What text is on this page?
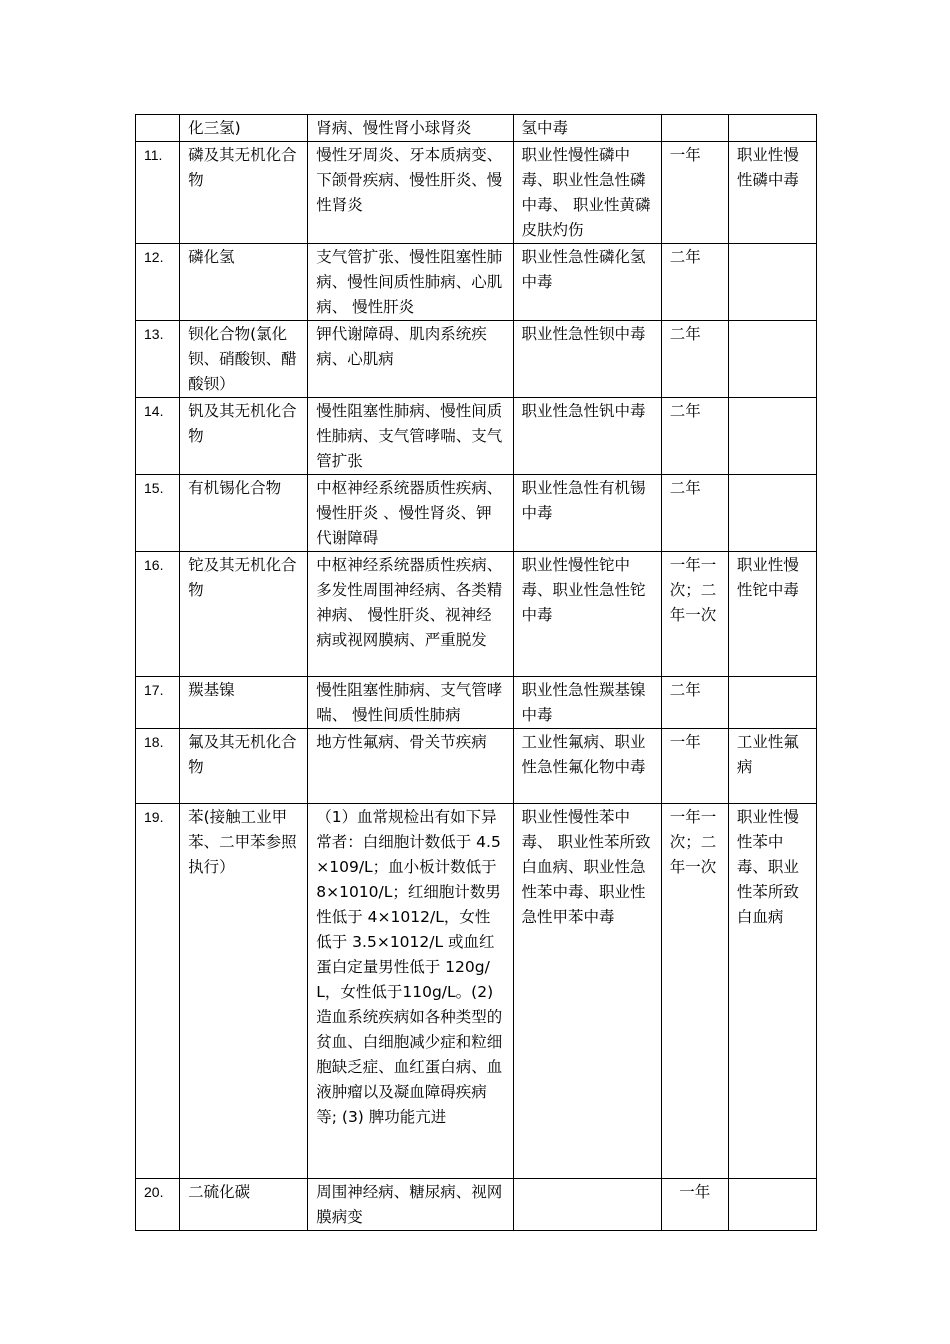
	化三氢)	肾病、慢性肾小球肾炎	氢中毒		
11.	磷及其无机化合物	慢性牙周炎、牙本质病变、下颌骨疾病、慢性肝炎、慢性肾炎	职业性慢性磷中毒、职业性急性磷中毒、 职业性黄磷皮肤灼伤	一年	职业性慢性磷中毒
12.	磷化氢	支气管扩张、慢性阻塞性肺病、慢性间质性肺病、心肌病、 慢性肝炎	职业性急性磷化氢中毒	二年	
13.	钡化合物(氯化钡、硝酸钡、醋酸钡）	钾代谢障碍、肌肉系统疾病、心肌病	职业性急性钡中毒	二年	
14.	钒及其无机化合物	慢性阻塞性肺病、慢性间质性肺病、支气管哮喘、支气管扩张	职业性急性钒中毒	二年	
15.	有机锡化合物	中枢神经系统器质性疾病、慢性肝炎 、慢性肾炎、钾代谢障碍	职业性急性有机锡中毒	二年	
16.	铊及其无机化合物	中枢神经系统器质性疾病、多发性周围神经病、各类精神病、 慢性肝炎、视神经病或视网膜病、严重脱发	职业性慢性铊中毒、职业性急性铊中毒	一年一次；二年一次	职业性慢性铊中毒
17.	羰基镍	慢性阻塞性肺病、支气管哮喘、 慢性间质性肺病	职业性急性羰基镍中毒	二年	
18.	氟及其无机化合物	地方性氟病、骨关节疾病	工业性氟病、职业性急性氟化物中毒	一年	工业性氟病
19.	苯(接触工业甲苯、二甲苯参照执行）	（1）血常规检出有如下异常者：白细胞计数低于 4.5×109/L；血小板计数低于8×1010/L；红细胞计数男性低于 4×1012/L，女性低于 3.5×1012/L 或血红蛋白定量男性低于 120g/L，女性低于110g/L。(2) 造血系统疾病如各种类型的贫血、白细胞减少症和粒细胞缺乏症、血红蛋白病、血液肿瘤以及凝血障碍疾病等; (3) 脾功能亢进	职业性慢性苯中毒、 职业性苯所致白血病、职业性急性苯中毒、职业性急性甲苯中毒	一年一次；二年一次	职业性慢性苯中毒、职业性苯所致白血病
20.	二硫化碳	周围神经病、糖尿病、视网膜病变		一年	
